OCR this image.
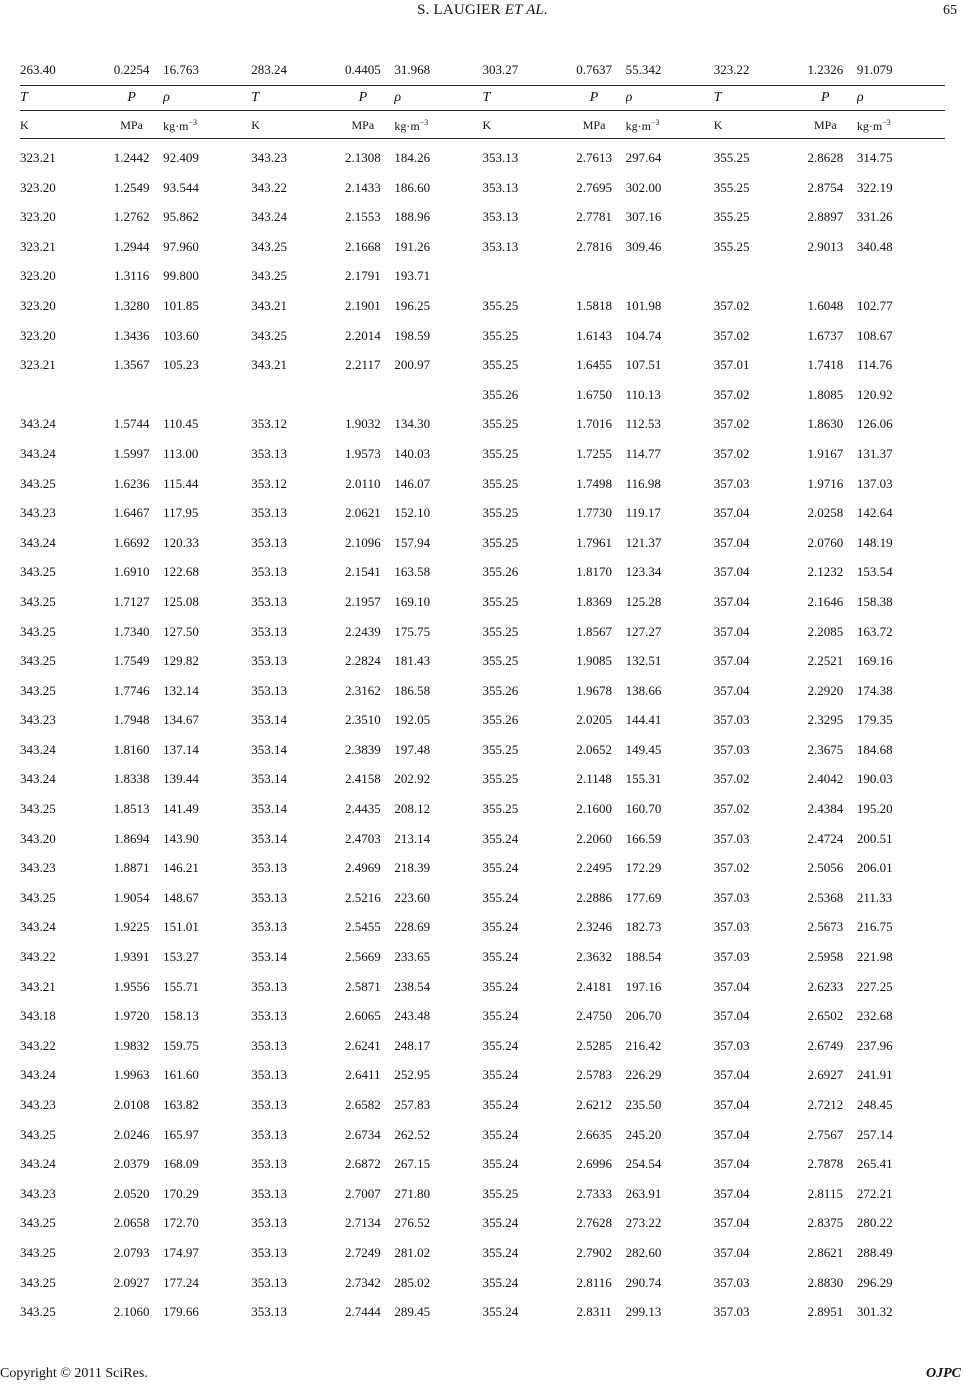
S. LAUGIER ET AL.	65
263.40	0.2254	16.763	283.24	0.4405	31.968	303.27	0.7637	55.342	323.22	1.2326	91.079
T	P	ρ	T	P	ρ	T	P	ρ	T	P	ρ
K	MPa	$kg\cdot m^{-3}$	K	MPa	$kg\cdot m^{-3}$	K	MPa	$kg\cdot m^{-3}$	K	MPa	$kg\cdot m^{-3}$
323.21	1.2442	92.409	343.23	2.1308	184.26	353.13	2.7613	297.64	355.25	2.8628	314.75
323.20	1.2549	93.544	343.22	2.1433	186.60	353.13	2.7695	302.00	355.25	2.8754	322.19
323.20	1.2762	95.862	343.24	2.1553	188.96	353.13	2.7781	307.16	355.25	2.8897	331.26
323.21	1.2944	97.960	343.25	2.1668	191.26	353.13	2.7816	309.46	355.25	2.9013	340.48
323.20	1.3116	99.800	343.25	2.1791	193.71						
323.20	1.3280	101.85	343.21	2.1901	196.25	355.25	1.5818	101.98	357.02	1.6048	102.77
323.20	1.3436	103.60	343.25	2.2014	198.59	355.25	1.6143	104.74	357.02	1.6737	108.67
323.21	1.3567	105.23	343.21	2.2117	200.97	355.25	1.6455	107.51	357.01	1.7418	114.76
						355.26	1.6750	110.13	357.02	1.8085	120.92
343.24	1.5744	110.45	353.12	1.9032	134.30	355.25	1.7016	112.53	357.02	1.8630	126.06
343.24	1.5997	113.00	353.13	1.9573	140.03	355.25	1.7255	114.77	357.02	1.9167	131.37
343.25	1.6236	115.44	353.12	2.0110	146.07	355.25	1.7498	116.98	357.03	1.9716	137.03
343.23	1.6467	117.95	353.13	2.0621	152.10	355.25	1.7730	119.17	357.04	2.0258	142.64
343.24	1.6692	120.33	353.13	2.1096	157.94	355.25	1.7961	121.37	357.04	2.0760	148.19
343.25	1.6910	122.68	353.13	2.1541	163.58	355.26	1.8170	123.34	357.04	2.1232	153.54
343.25	1.7127	125.08	353.13	2.1957	169.10	355.25	1.8369	125.28	357.04	2.1646	158.38
343.25	1.7340	127.50	353.13	2.2439	175.75	355.25	1.8567	127.27	357.04	2.2085	163.72
343.25	1.7549	129.82	353.13	2.2824	181.43	355.25	1.9085	132.51	357.04	2.2521	169.16
343.25	1.7746	132.14	353.13	2.3162	186.58	355.26	1.9678	138.66	357.04	2.2920	174.38
343.23	1.7948	134.67	353.14	2.3510	192.05	355.26	2.0205	144.41	357.03	2.3295	179.35
343.24	1.8160	137.14	353.14	2.3839	197.48	355.25	2.0652	149.45	357.03	2.3675	184.68
343.24	1.8338	139.44	353.14	2.4158	202.92	355.25	2.1148	155.31	357.02	2.4042	190.03
343.25	1.8513	141.49	353.14	2.4435	208.12	355.25	2.1600	160.70	357.02	2.4384	195.20
343.20	1.8694	143.90	353.14	2.4703	213.14	355.24	2.2060	166.59	357.03	2.4724	200.51
343.23	1.8871	146.21	353.13	2.4969	218.39	355.24	2.2495	172.29	357.02	2.5056	206.01
343.25	1.9054	148.67	353.13	2.5216	223.60	355.24	2.2886	177.69	357.03	2.5368	211.33
343.24	1.9225	151.01	353.13	2.5455	228.69	355.24	2.3246	182.73	357.03	2.5673	216.75
343.22	1.9391	153.27	353.14	2.5669	233.65	355.24	2.3632	188.54	357.03	2.5958	221.98
343.21	1.9556	155.71	353.13	2.5871	238.54	355.24	2.4181	197.16	357.04	2.6233	227.25
343.18	1.9720	158.13	353.13	2.6065	243.48	355.24	2.4750	206.70	357.04	2.6502	232.68
343.22	1.9832	159.75	353.13	2.6241	248.17	355.24	2.5285	216.42	357.03	2.6749	237.96
343.24	1.9963	161.60	353.13	2.6411	252.95	355.24	2.5783	226.29	357.04	2.6927	241.91
343.23	2.0108	163.82	353.13	2.6582	257.83	355.24	2.6212	235.50	357.04	2.7212	248.45
343.25	2.0246	165.97	353.13	2.6734	262.52	355.24	2.6635	245.20	357.04	2.7567	257.14
343.24	2.0379	168.09	353.13	2.6872	267.15	355.24	2.6996	254.54	357.04	2.7878	265.41
343.23	2.0520	170.29	353.13	2.7007	271.80	355.25	2.7333	263.91	357.04	2.8115	272.21
343.25	2.0658	172.70	353.13	2.7134	276.52	355.24	2.7628	273.22	357.04	2.8375	280.22
343.25	2.0793	174.97	353.13	2.7249	281.02	355.24	2.7902	282.60	357.04	2.8621	288.49
343.25	2.0927	177.24	353.13	2.7342	285.02	355.24	2.8116	290.74	357.03	2.8830	296.29
343.25	2.1060	179.66	353.13	2.7444	289.45	355.24	2.8311	299.13	357.03	2.8951	301.32
Copyright © 2011 SciRes.	OJPC
